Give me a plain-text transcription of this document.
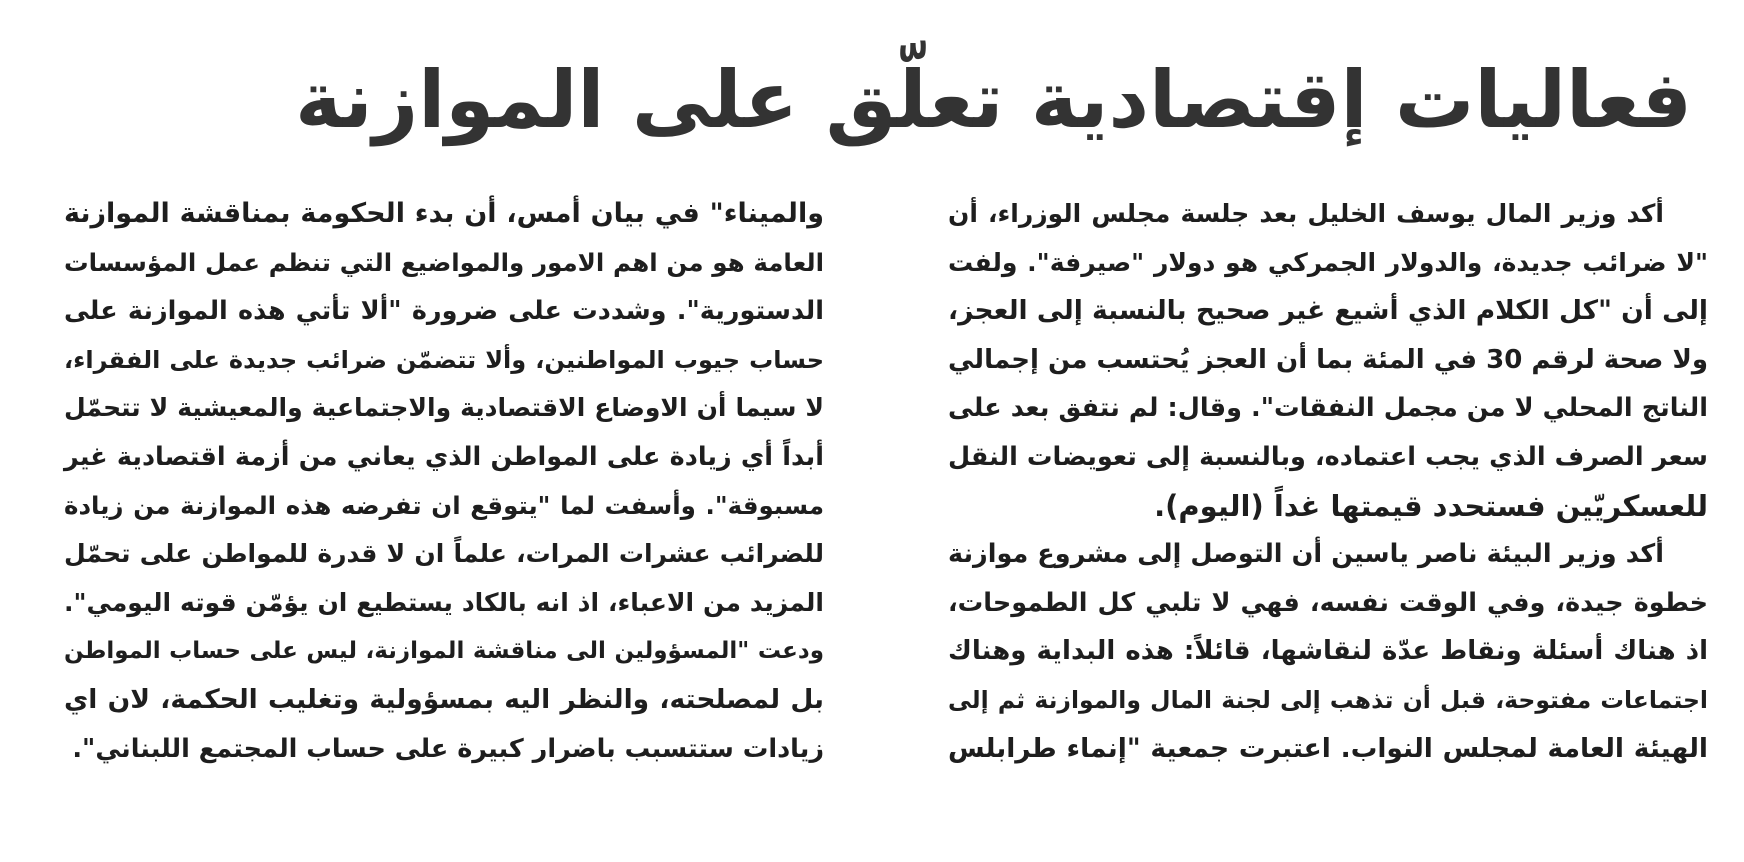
فعاليات إقتصادية تعلّق على الموازنة
أكد وزير المال يوسف الخليل بعد جلسة مجلس الوزراء، أن
"لا ضرائب جديدة، والدولار الجمركي هو دولار "صيرفة". ولفت
إلى أن "كل الكلام الذي أشيع غير صحيح بالنسبة إلى العجز،
ولا صحة لرقم 30 في المئة بما أن العجز يُحتسب من إجمالي
الناتج المحلي لا من مجمل النفقات". وقال: لم نتفق بعد على
سعر الصرف الذي يجب اعتماده، وبالنسبة إلى تعويضات النقل
للعسكريّين فستحدد قيمتها غداً (اليوم).
أكد وزير البيئة ناصر ياسين أن التوصل إلى مشروع موازنة
خطوة جيدة، وفي الوقت نفسه، فهي لا تلبي كل الطموحات،
اذ هناك أسئلة ونقاط عدّة لنقاشها، قائلاً: هذه البداية وهناك
اجتماعات مفتوحة، قبل أن تذهب إلى لجنة المال والموازنة ثم إلى
الهيئة العامة لمجلس النواب. اعتبرت جمعية "إنماء طرابلس
والميناء" في بيان أمس، أن بدء الحكومة بمناقشة الموازنة
العامة هو من اهم الامور والمواضيع التي تنظم عمل المؤسسات
الدستورية". وشددت على ضرورة "ألا تأتي هذه الموازنة على
حساب جيوب المواطنين، وألا تتضمّن ضرائب جديدة على الفقراء،
لا سيما أن الاوضاع الاقتصادية والاجتماعية والمعيشية لا تتحمّل
أبداً أي زيادة على المواطن الذي يعاني من أزمة اقتصادية غير
مسبوقة". وأسفت لما "يتوقع ان تفرضه هذه الموازنة من زيادة
للضرائب عشرات المرات، علماً ان لا قدرة للمواطن على تحمّل
المزيد من الاعباء، اذ انه بالكاد يستطيع ان يؤمّن قوته اليومي".
ودعت "المسؤولين الى مناقشة الموازنة، ليس على حساب المواطن
بل لمصلحته، والنظر اليه بمسؤولية وتغليب الحكمة، لان اي
زيادات ستتسبب باضرار كبيرة على حساب المجتمع اللبناني".
